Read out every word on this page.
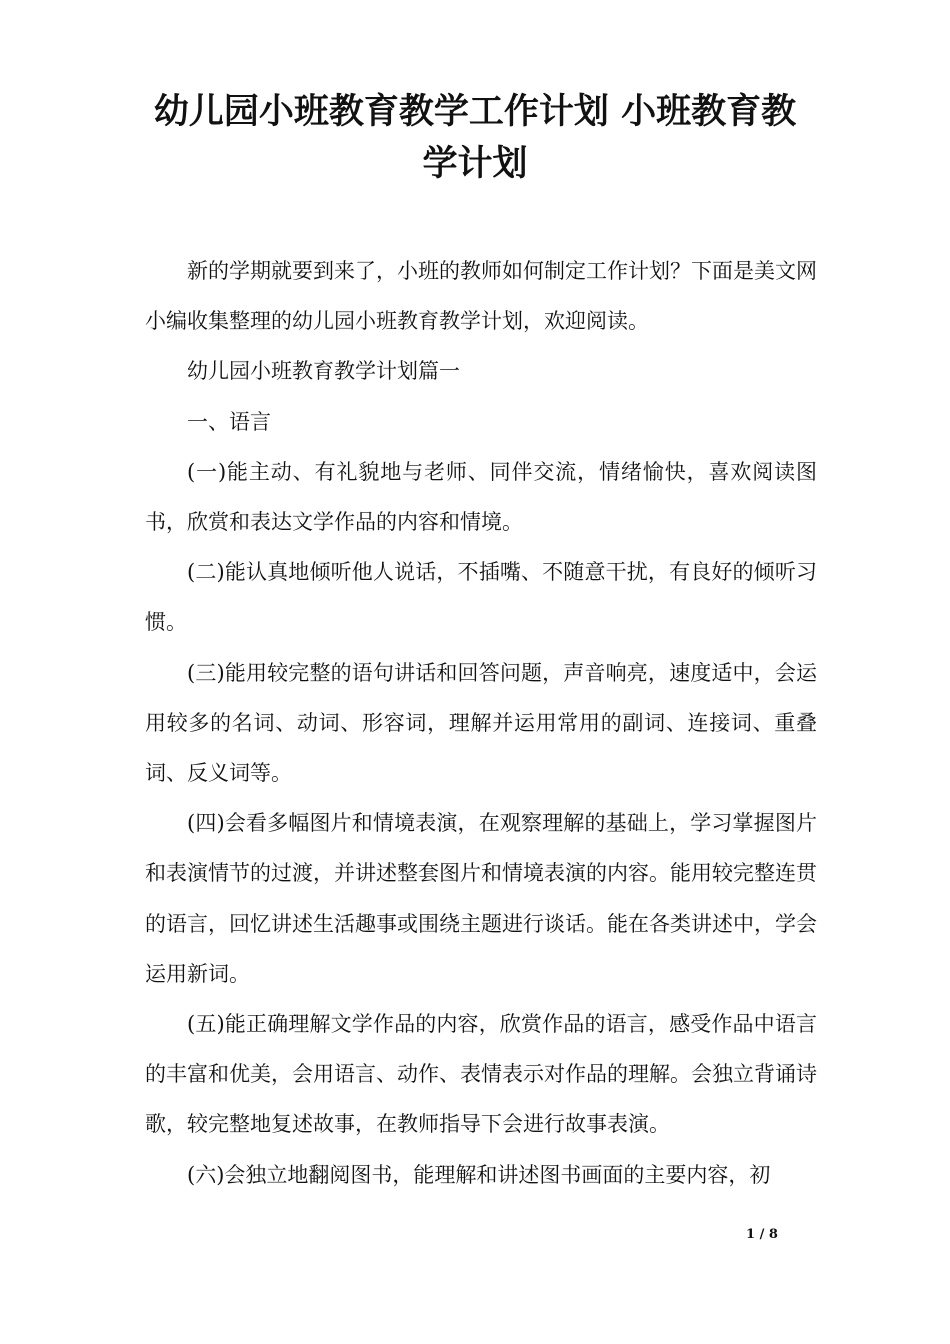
幼儿园小班教育教学工作计划 小班教育教学计划

新的学期就要到来了，小班的教师如何制定工作计划？下面是美文网小编收集整理的幼儿园小班教育教学计划，欢迎阅读。

幼儿园小班教育教学计划篇一

一、语言

(一)能主动、有礼貌地与老师、同伴交流，情绪愉快，喜欢阅读图书，欣赏和表达文学作品的内容和情境。

(二)能认真地倾听他人说话，不插嘴、不随意干扰，有良好的倾听习惯。

(三)能用较完整的语句讲话和回答问题，声音响亮，速度适中，会运用较多的名词、动词、形容词，理解并运用常用的副词、连接词、重叠词、反义词等。

(四)会看多幅图片和情境表演，在观察理解的基础上，学习掌握图片和表演情节的过渡，并讲述整套图片和情境表演的内容。能用较完整连贯的语言，回忆讲述生活趣事或围绕主题进行谈话。能在各类讲述中，学会运用新词。

(五)能正确理解文学作品的内容，欣赏作品的语言，感受作品中语言的丰富和优美，会用语言、动作、表情表示对作品的理解。会独立背诵诗歌，较完整地复述故事，在教师指导下会进行故事表演。

(六)会独立地翻阅图书，能理解和讲述图书画面的主要内容，初

1 / 8
